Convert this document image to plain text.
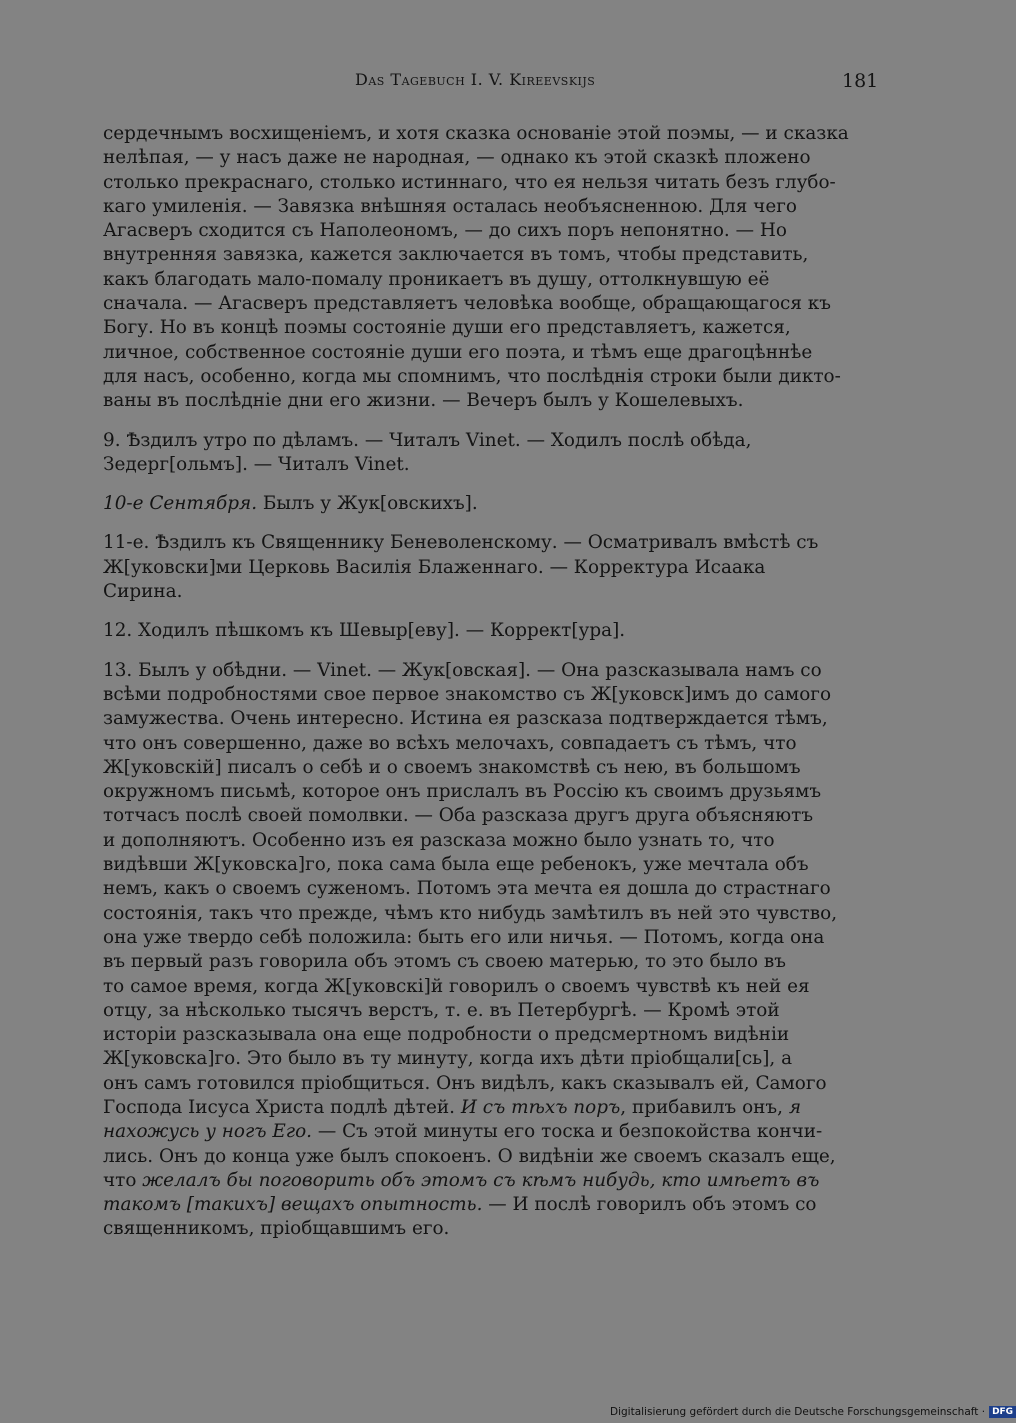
Das Tagebuch I. V. Kireevskijs	181
сердечнымъ восхищеніемъ, и хотя сказка основаніе этой поэмы, — и сказка
нелѣпая, — у насъ даже не народная, — однако къ этой сказкѣ пложено
столько прекраснаго, столько истиннаго, что ея нельзя читать безъ глубо-
каго умиленія. — Завязка внѣшняя осталась необъясненною. Для чего
Агасверъ сходится съ Наполеономъ, — до сихъ поръ непонятно. — Но
внутренняя завязка, кажется заключается въ томъ, чтобы представить,
какъ благодать мало-помалу проникаетъ въ душу, оттолкнувшую её
сначала. — Агасверъ представляетъ человѣка вообще, обращающагося къ
Богу. Но въ концѣ поэмы состояніе души его представляетъ, кажется,
личное, собственное состояніе души его поэта, и тѣмъ еще драгоцѣннѣе
для насъ, особенно, когда мы спомнимъ, что послѣднія строки были дикто-
ваны въ послѣдніе дни его жизни. — Вечеръ былъ у Кошелевыхъ.
9. Ѣздилъ утро по дѣламъ. — Читалъ Vinet. — Ходилъ послѣ обѣда,
Зедерг[ольмъ]. — Читалъ Vinet.
10-е Сентября. Былъ у Жук[овскихъ].
11-е. Ѣздилъ къ Священнику Беневоленскому. — Осматривалъ вмѣстѣ съ
Ж[уковски]ми Церковь Василія Блаженнаго. — Корректура Исаака
Сирина.
12. Ходилъ пѣшкомъ къ Шевыр[еву]. — Коррект[ура].
13. Былъ у обѣдни. — Vinet. — Жук[овская]. — Она разсказывала намъ со
всѣми подробностями свое первое знакомство съ Ж[уковск]имъ до самого
замужества. Очень интересно. Истина ея разсказа подтверждается тѣмъ,
что онъ совершенно, даже во всѣхъ мелочахъ, совпадаетъ съ тѣмъ, что
Ж[уковскій] писалъ о себѣ и о своемъ знакомствѣ съ нею, въ большомъ
окружномъ письмѣ, которое онъ прислалъ въ Россію къ своимъ друзьямъ
тотчасъ послѣ своей помолвки. — Оба разсказа другъ друга объясняютъ
и дополняютъ. Особенно изъ ея разсказа можно было узнать то, что
видѣвши Ж[уковска]го, пока сама была еще ребенокъ, уже мечтала объ
немъ, какъ о своемъ суженомъ. Потомъ эта мечта ея дошла до страстнаго
состоянія, такъ что прежде, чѣмъ кто нибудь замѣтилъ въ ней это чувство,
она уже твердо себѣ положила: быть его или ничья. — Потомъ, когда она
въ первый разъ говорила объ этомъ съ своею матерью, то это было въ
то самое время, когда Ж[уковскі]й говорилъ о своемъ чувствѣ къ ней ея
отцу, за нѣсколько тысячъ верстъ, т. е. въ Петербургѣ. — Кромѣ этой
исторіи разсказывала она еще подробности о предсмертномъ видѣніи
Ж[уковска]го. Это было въ ту минуту, когда ихъ дѣти пріобщали[сь], а
онъ самъ готовился пріобщиться. Онъ видѣлъ, какъ сказывалъ ей, Самого
Господа Іисуса Христа подлѣ дѣтей. И съ тѣхъ поръ, прибавилъ онъ, я
нахожусь у ногъ Его. — Съ этой минуты его тоска и безпокойства кончи-
лись. Онъ до конца уже былъ спокоенъ. О видѣніи же своемъ сказалъ еще,
что желалъ бы поговорить объ этомъ съ кѣмъ нибудь, кто имѣетъ въ
такомъ [такихъ] вещахъ опытность. — И послѣ говорилъ объ этомъ со
священникомъ, пріобщавшимъ его.
Digitalisierung gefördert durch die Deutsche Forschungsgemeinschaft · DFG
